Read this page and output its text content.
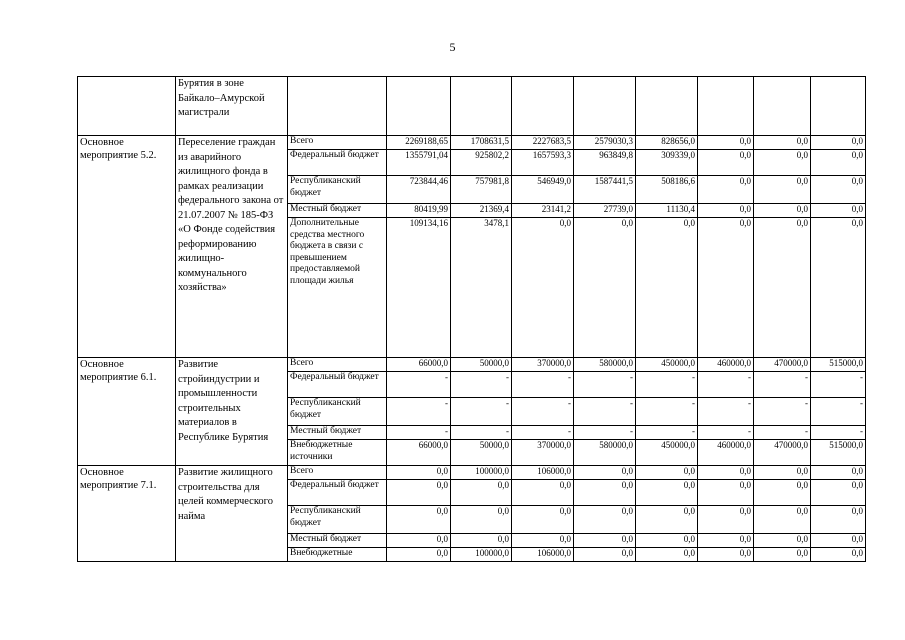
5
	Бурятия в зоне Байкало–Амурской магистрали									
Основное мероприятие 5.2.	Переселение граждан из аварийного жилищного фонда в рамках реализации федерального закона от 21.07.2007 № 185-ФЗ «О Фонде содействия реформированию жилищно-коммунального хозяйства»	Всего	2269188,65	1708631,5	2227683,5	2579030,3	828656,0	0,0	0,0	0,0
		Федеральный бюджет	1355791,04	925802,2	1657593,3	963849,8	309339,0	0,0	0,0	0,0
		Республиканский бюджет	723844,46	757981,8	546949,0	1587441,5	508186,6	0,0	0,0	0,0
		Местный бюджет	80419,99	21369,4	23141,2	27739,0	11130,4	0,0	0,0	0,0
		Дополнительные средства местного бюджета в связи с превышением предоставляемой площади жилья	109134,16	3478,1	0,0	0,0	0,0	0,0	0,0	0,0
Основное мероприятие 6.1.	Развитие стройиндустрии и промышленности строительных материалов в Республике Бурятия	Всего	66000,0	50000,0	370000,0	580000,0	450000,0	460000,0	470000,0	515000,0
		Федеральный бюджет	-	-	-	-	-	-	-	-
		Республиканский бюджет	-	-	-	-	-	-	-	-
		Местный бюджет	-	-	-	-	-	-	-	-
		Внебюджетные источники	66000,0	50000,0	370000,0	580000,0	450000,0	460000,0	470000,0	515000,0
Основное мероприятие 7.1.	Развитие жилищного строительства для целей коммерческого найма	Всего	0,0	100000,0	106000,0	0,0	0,0	0,0	0,0	0,0
		Федеральный бюджет	0,0	0,0	0,0	0,0	0,0	0,0	0,0	0,0
		Республиканский бюджет	0,0	0,0	0,0	0,0	0,0	0,0	0,0	0,0
		Местный бюджет	0,0	0,0	0,0	0,0	0,0	0,0	0,0	0,0
		Внебюджетные	0,0	100000,0	106000,0	0,0	0,0	0,0	0,0	0,0
